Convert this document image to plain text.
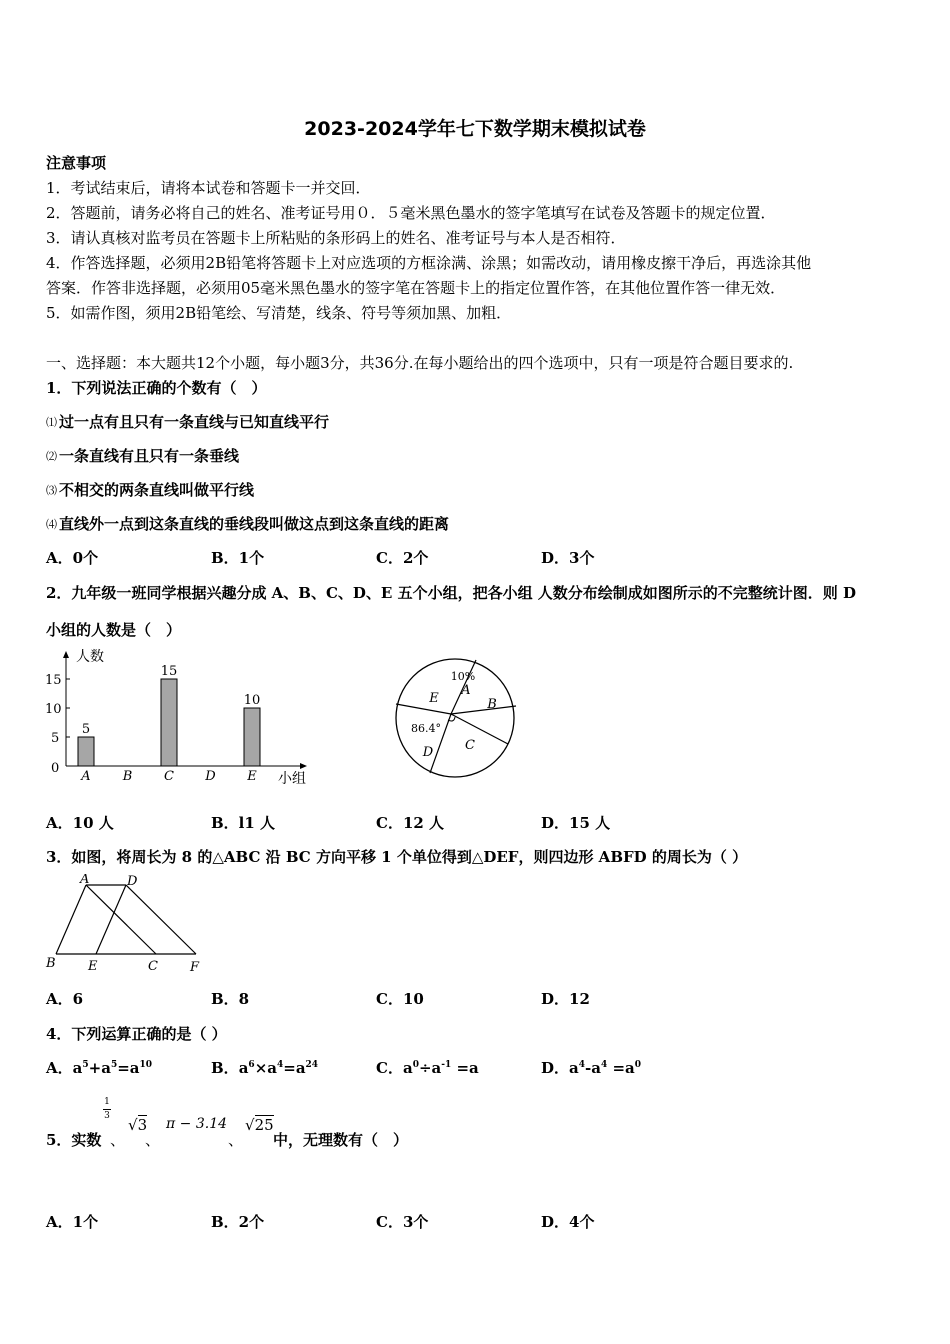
2023-2024学年七下数学期末模拟试卷
注意事项
1．考试结束后，请将本试卷和答题卡一并交回．
2．答题前，请务必将自己的姓名、准考证号用０．５毫米黑色墨水的签字笔填写在试卷及答题卡的规定位置．
3．请认真核对监考员在答题卡上所粘贴的条形码上的姓名、准考证号与本人是否相符．
4．作答选择题，必须用2B铅笔将答题卡上对应选项的方框涂满、涂黑；如需改动，请用橡皮擦干净后，再选涂其他
答案．作答非选择题，必须用05毫米黑色墨水的签字笔在答题卡上的指定位置作答，在其他位置作答一律无效．
5．如需作图，须用2B铅笔绘、写清楚，线条、符号等须加黑、加粗．
一、选择题：本大题共12个小题，每小题3分，共36分.在每小题给出的四个选项中，只有一项是符合题目要求的.
1．下列说法正确的个数有（　）
⑴ 过一点有且只有一条直线与已知直线平行
⑵ 一条直线有且只有一条垂线
⑶ 不相交的两条直线叫做平行线
⑷ 直线外一点到这条直线的垂线段叫做这点到这条直线的距离
A．0个	B．1个	C．2个	D．3个
2．九年级一班同学根据兴趣分成 A、B、C、D、E 五个小组，把各小组 人数分布绘制成如图所示的不完整统计图．则 D
小组的人数是（　）
人数
小组
0
5
10
15
5
A B
15
C D
10
E
A
B
C
D
E
10%
86.4°
A．10 人	B．l1 人	C．12 人	D．15 人
3．如图，将周长为 8 的△ABC 沿 BC 方向平移 1 个单位得到△DEF，则四边形 ABFD 的周长为（ ）
A	D
B E	C F
A．6	B．8	C．10	D．12
4．下列运算正确的是（ ）
A．$a^5+a^5=a^{10}$	B．$a^6\times a^4=a^{24}$	C．$a^0\div a^{-1} =a$	D．$a^4-a^4 =a^0$
5．实数
1
3
、
√3
、
π − 3.14
、
√25
中，无理数有（　）
A．1个	B．2个	C．3个	D．4个
